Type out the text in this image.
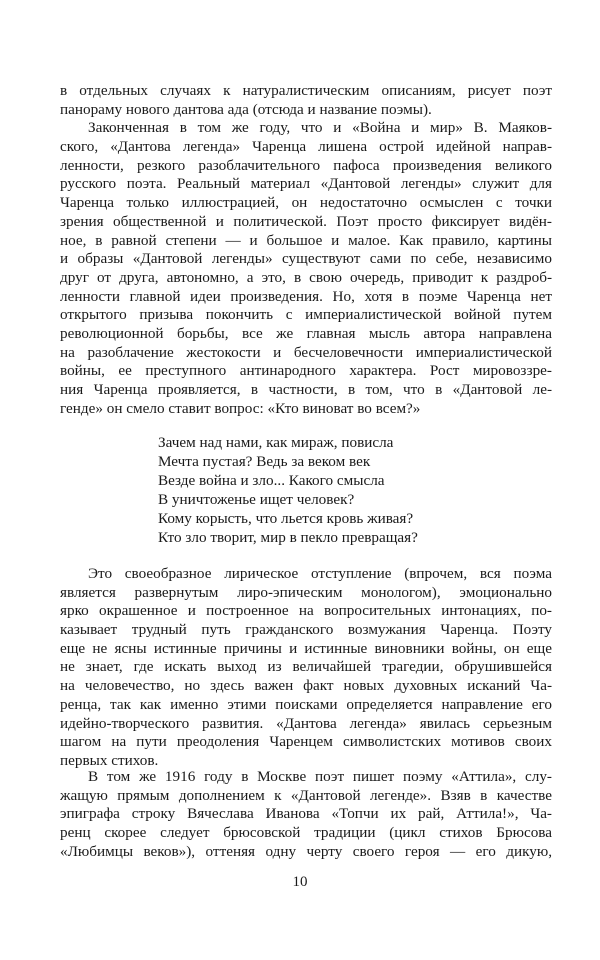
в отдельных случаях к натуралистическим описаниям, рисует поэт
панораму нового дантова ада (отсюда и название поэмы).
Законченная в том же году, что и «Война и мир» В. Маяков-
ского, «Дантова легенда» Чаренца лишена острой идейной направ-
ленности, резкого разоблачительного пафоса произведения великого
русского поэта. Реальный материал «Дантовой легенды» служит для
Чаренца только иллюстрацией, он недостаточно осмыслен с точки
зрения общественной и политической. Поэт просто фиксирует видён-
ное, в равной степени — и большое и малое. Как правило, картины
и образы «Дантовой легенды» существуют сами по себе, независимо
друг от друга, автономно, а это, в свою очередь, приводит к раздроб-
ленности главной идеи произведения. Но, хотя в поэме Чаренца нет
открытого призыва покончить с империалистической войной путем
революционной борьбы, все же главная мысль автора направлена
на разоблачение жестокости и бесчеловечности империалистической
войны, ее преступного антинародного характера. Рост мировоззре-
ния Чаренца проявляется, в частности, в том, что в «Дантовой ле-
генде» он смело ставит вопрос: «Кто виноват во всем?»
Зачем над нами, как мираж, повисла
Мечта пустая? Ведь за веком век
Везде война и зло... Какого смысла
В уничтоженье ищет человек?
Кому корысть, что льется кровь живая?
Кто зло творит, мир в пекло превращая?
Это своеобразное лирическое отступление (впрочем, вся поэма
является развернутым лиро-эпическим монологом), эмоционально
ярко окрашенное и построенное на вопросительных интонациях, по-
казывает трудный путь гражданского возмужания Чаренца. Поэту
еще не ясны истинные причины и истинные виновники войны, он еще
не знает, где искать выход из величайшей трагедии, обрушившейся
на человечество, но здесь важен факт новых духовных исканий Ча-
ренца, так как именно этими поисками определяется направление его
идейно-творческого развития. «Дантова легенда» явилась серьезным
шагом на пути преодоления Чаренцем символистских мотивов своих
первых стихов.
В том же 1916 году в Москве поэт пишет поэму «Аттила», слу-
жащую прямым дополнением к «Дантовой легенде». Взяв в качестве
эпиграфа строку Вячеслава Иванова «Топчи их рай, Аттила!», Ча-
ренц скорее следует брюсовской традиции (цикл стихов Брюсова
«Любимцы веков»), оттеняя одну черту своего героя — его дикую,
10
